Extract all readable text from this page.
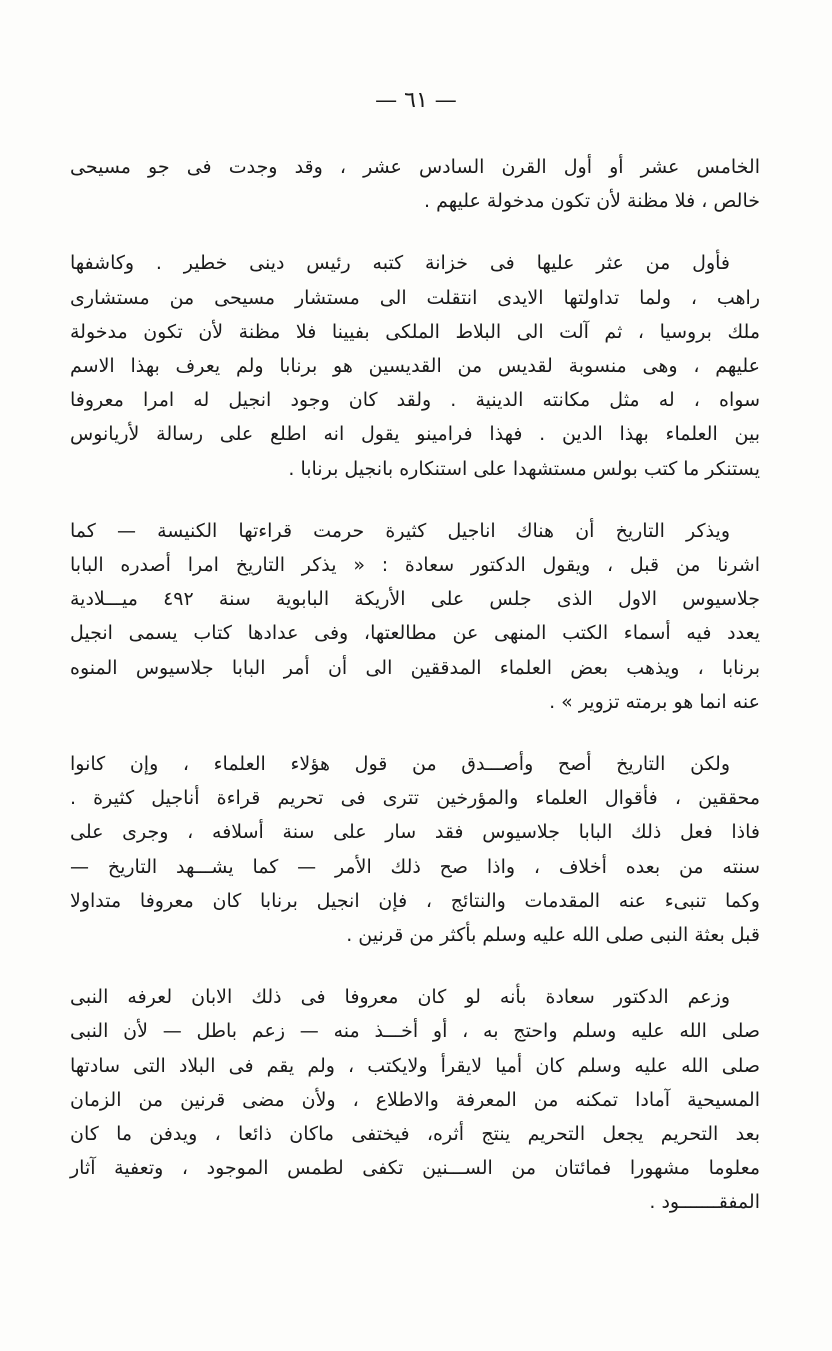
— ٦١ —
الخامس عشر أو أول القرن السادس عشر ، وقد وجدت فى جو مسيحى
خالص ، فلا مظنة لأن تكون مدخولة عليهم .
فأول من عثر عليها فى خزانة كتبه رئيس دينى خطير . وكاشفها
راهب ، ولما تداولتها الايدى انتقلت الى مستشار مسيحى من مستشارى
ملك بروسيا ، ثم آلت الى البلاط الملكى بفيينا فلا مظنة لأن تكون مدخولة
عليهم ، وهى منسوبة لقديس من القديسين هو برنابا ولم يعرف بهذا الاسم
سواه ، له مثل مكانته الدينية . ولقد كان وجود انجيل له امرا معروفا
بين العلماء بهذا الدين . فهذا فرامينو يقول انه اطلع على رسالة لأريانوس
يستنكر ما كتب بولس مستشهدا على استنكاره بانجيل برنابا .
ويذكر التاريخ أن هناك اناجيل كثيرة حرمت قراءتها الكنيسة — كما
اشرنا من قبل ، ويقول الدكتور سعادة : « يذكر التاريخ امرا أصدره البابا
جلاسيوس الاول الذى جلس على الأريكة البابوية سنة ٤٩٢ ميـــلادية
يعدد فيه أسماء الكتب المنهى عن مطالعتها، وفى عدادها كتاب يسمى انجيل
برنابا ، ويذهب بعض العلماء المدققين الى أن أمر البابا جلاسيوس المنوه
عنه انما هو برمته تزوير » .
ولكن التاريخ أصح وأصـــدق من قول هؤلاء العلماء ، وإن كانوا
محققين ، فأقوال العلماء والمؤرخين تترى فى تحريم قراءة أناجيل كثيرة .
فاذا فعل ذلك البابا جلاسيوس فقد سار على سنة أسلافه ، وجرى على
سنته من بعده أخلاف ، واذا صح ذلك الأمر — كما يشـــهد التاريخ —
وكما تنبىء عنه المقدمات والنتائج ، فإن انجيل برنابا كان معروفا متداولا
قبل بعثة النبى صلى الله عليه وسلم بأكثر من قرنين .
وزعم الدكتور سعادة بأنه لو كان معروفا فى ذلك الابان لعرفه النبى
صلى الله عليه وسلم واحتج به ، أو أخـــذ منه — زعم باطل — لأن النبى
صلى الله عليه وسلم كان أميا لايقرأ ولايكتب ، ولم يقم فى البلاد التى سادتها
المسيحية آمادا تمكنه من المعرفة والاطلاع ، ولأن مضى قرنين من الزمان
بعد التحريم يجعل التحريم ينتج أثره، فيختفى ماكان ذائعا ، ويدفن ما كان
معلوما مشهورا فمائتان من الســـنين تكفى لطمس الموجود ، وتعفية آثار
المفقـــــــود .
